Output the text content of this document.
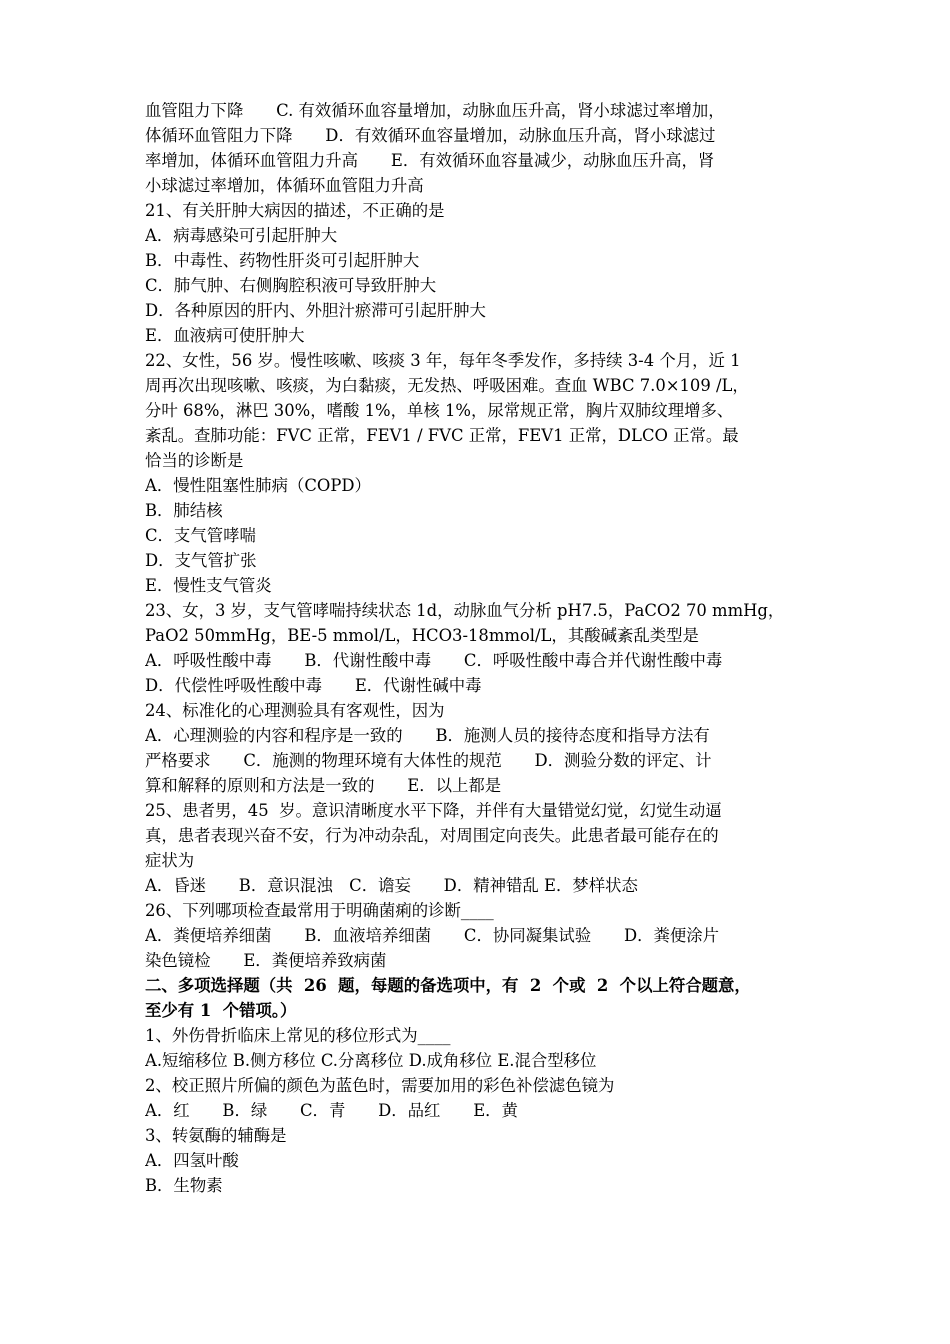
血管阻力下降　　C. 有效循环血容量增加，动脉血压升高，肾小球滤过率增加，
体循环血管阻力下降　　D．有效循环血容量增加，动脉血压升高，肾小球滤过
率增加，体循环血管阻力升高　　E．有效循环血容量减少，动脉血压升高，肾
小球滤过率增加，体循环血管阻力升高
21、有关肝肿大病因的描述，不正确的是
A．病毒感染可引起肝肿大
B．中毒性、药物性肝炎可引起肝肿大
C．肺气肿、右侧胸腔积液可导致肝肿大
D．各种原因的肝内、外胆汁瘀滞可引起肝肿大
E．血液病可使肝肿大
22、女性，56 岁。慢性咳嗽、咳痰 3 年，每年冬季发作，多持续 3-4 个月，近 1
周再次出现咳嗽、咳痰，为白黏痰，无发热、呼吸困难。查血 WBC 7.0×109 /L，
分叶 68%，淋巴 30%，嗜酸 1%，单核 1%，尿常规正常，胸片双肺纹理增多、
紊乱。查肺功能：FVC 正常，FEV1 / FVC 正常，FEV1 正常，DLCO 正常。最
恰当的诊断是
A．慢性阻塞性肺病（COPD）
B．肺结核
C．支气管哮喘
D．支气管扩张
E．慢性支气管炎
23、女，3 岁，支气管哮喘持续状态 1d，动脉血气分析 pH7.5，PaCO2 70 mmHg，
PaO2 50mmHg，BE-5 mmol/L，HCO3-18mmol/L，其酸碱紊乱类型是
A．呼吸性酸中毒　　B．代谢性酸中毒　　C．呼吸性酸中毒合并代谢性酸中毒
D．代偿性呼吸性酸中毒　　E．代谢性碱中毒
24、标准化的心理测验具有客观性，因为
A．心理测验的内容和程序是一致的　　B．施测人员的接待态度和指导方法有
严格要求　　C．施测的物理环境有大体性的规范　　D．测验分数的评定、计
算和解释的原则和方法是一致的　　E．以上都是
25、患者男，45  岁。意识清晰度水平下降，并伴有大量错觉幻觉，幻觉生动逼
真，患者表现兴奋不安，行为冲动杂乱，对周围定向丧失。此患者最可能存在的
症状为
A．昏迷　　B．意识混浊　C．谵妄　　D．精神错乱 E．梦样状态
26、下列哪项检查最常用于明确菌痢的诊断____
A．粪便培养细菌　　B．血液培养细菌　　C．协同凝集试验　　D．粪便涂片
染色镜检　　E．粪便培养致病菌
二、多项选择题（共  26  题，每题的备选项中，有  2  个或  2  个以上符合题意，
至少有 1  个错项。）
1、外伤骨折临床上常见的移位形式为____
A.短缩移位 B.侧方移位 C.分离移位 D.成角移位 E.混合型移位
2、校正照片所偏的颜色为蓝色时，需要加用的彩色补偿滤色镜为
A．红　　B．绿　　C．青　　D．品红　　E．黄
3、转氨酶的辅酶是
A．四氢叶酸
B．生物素
